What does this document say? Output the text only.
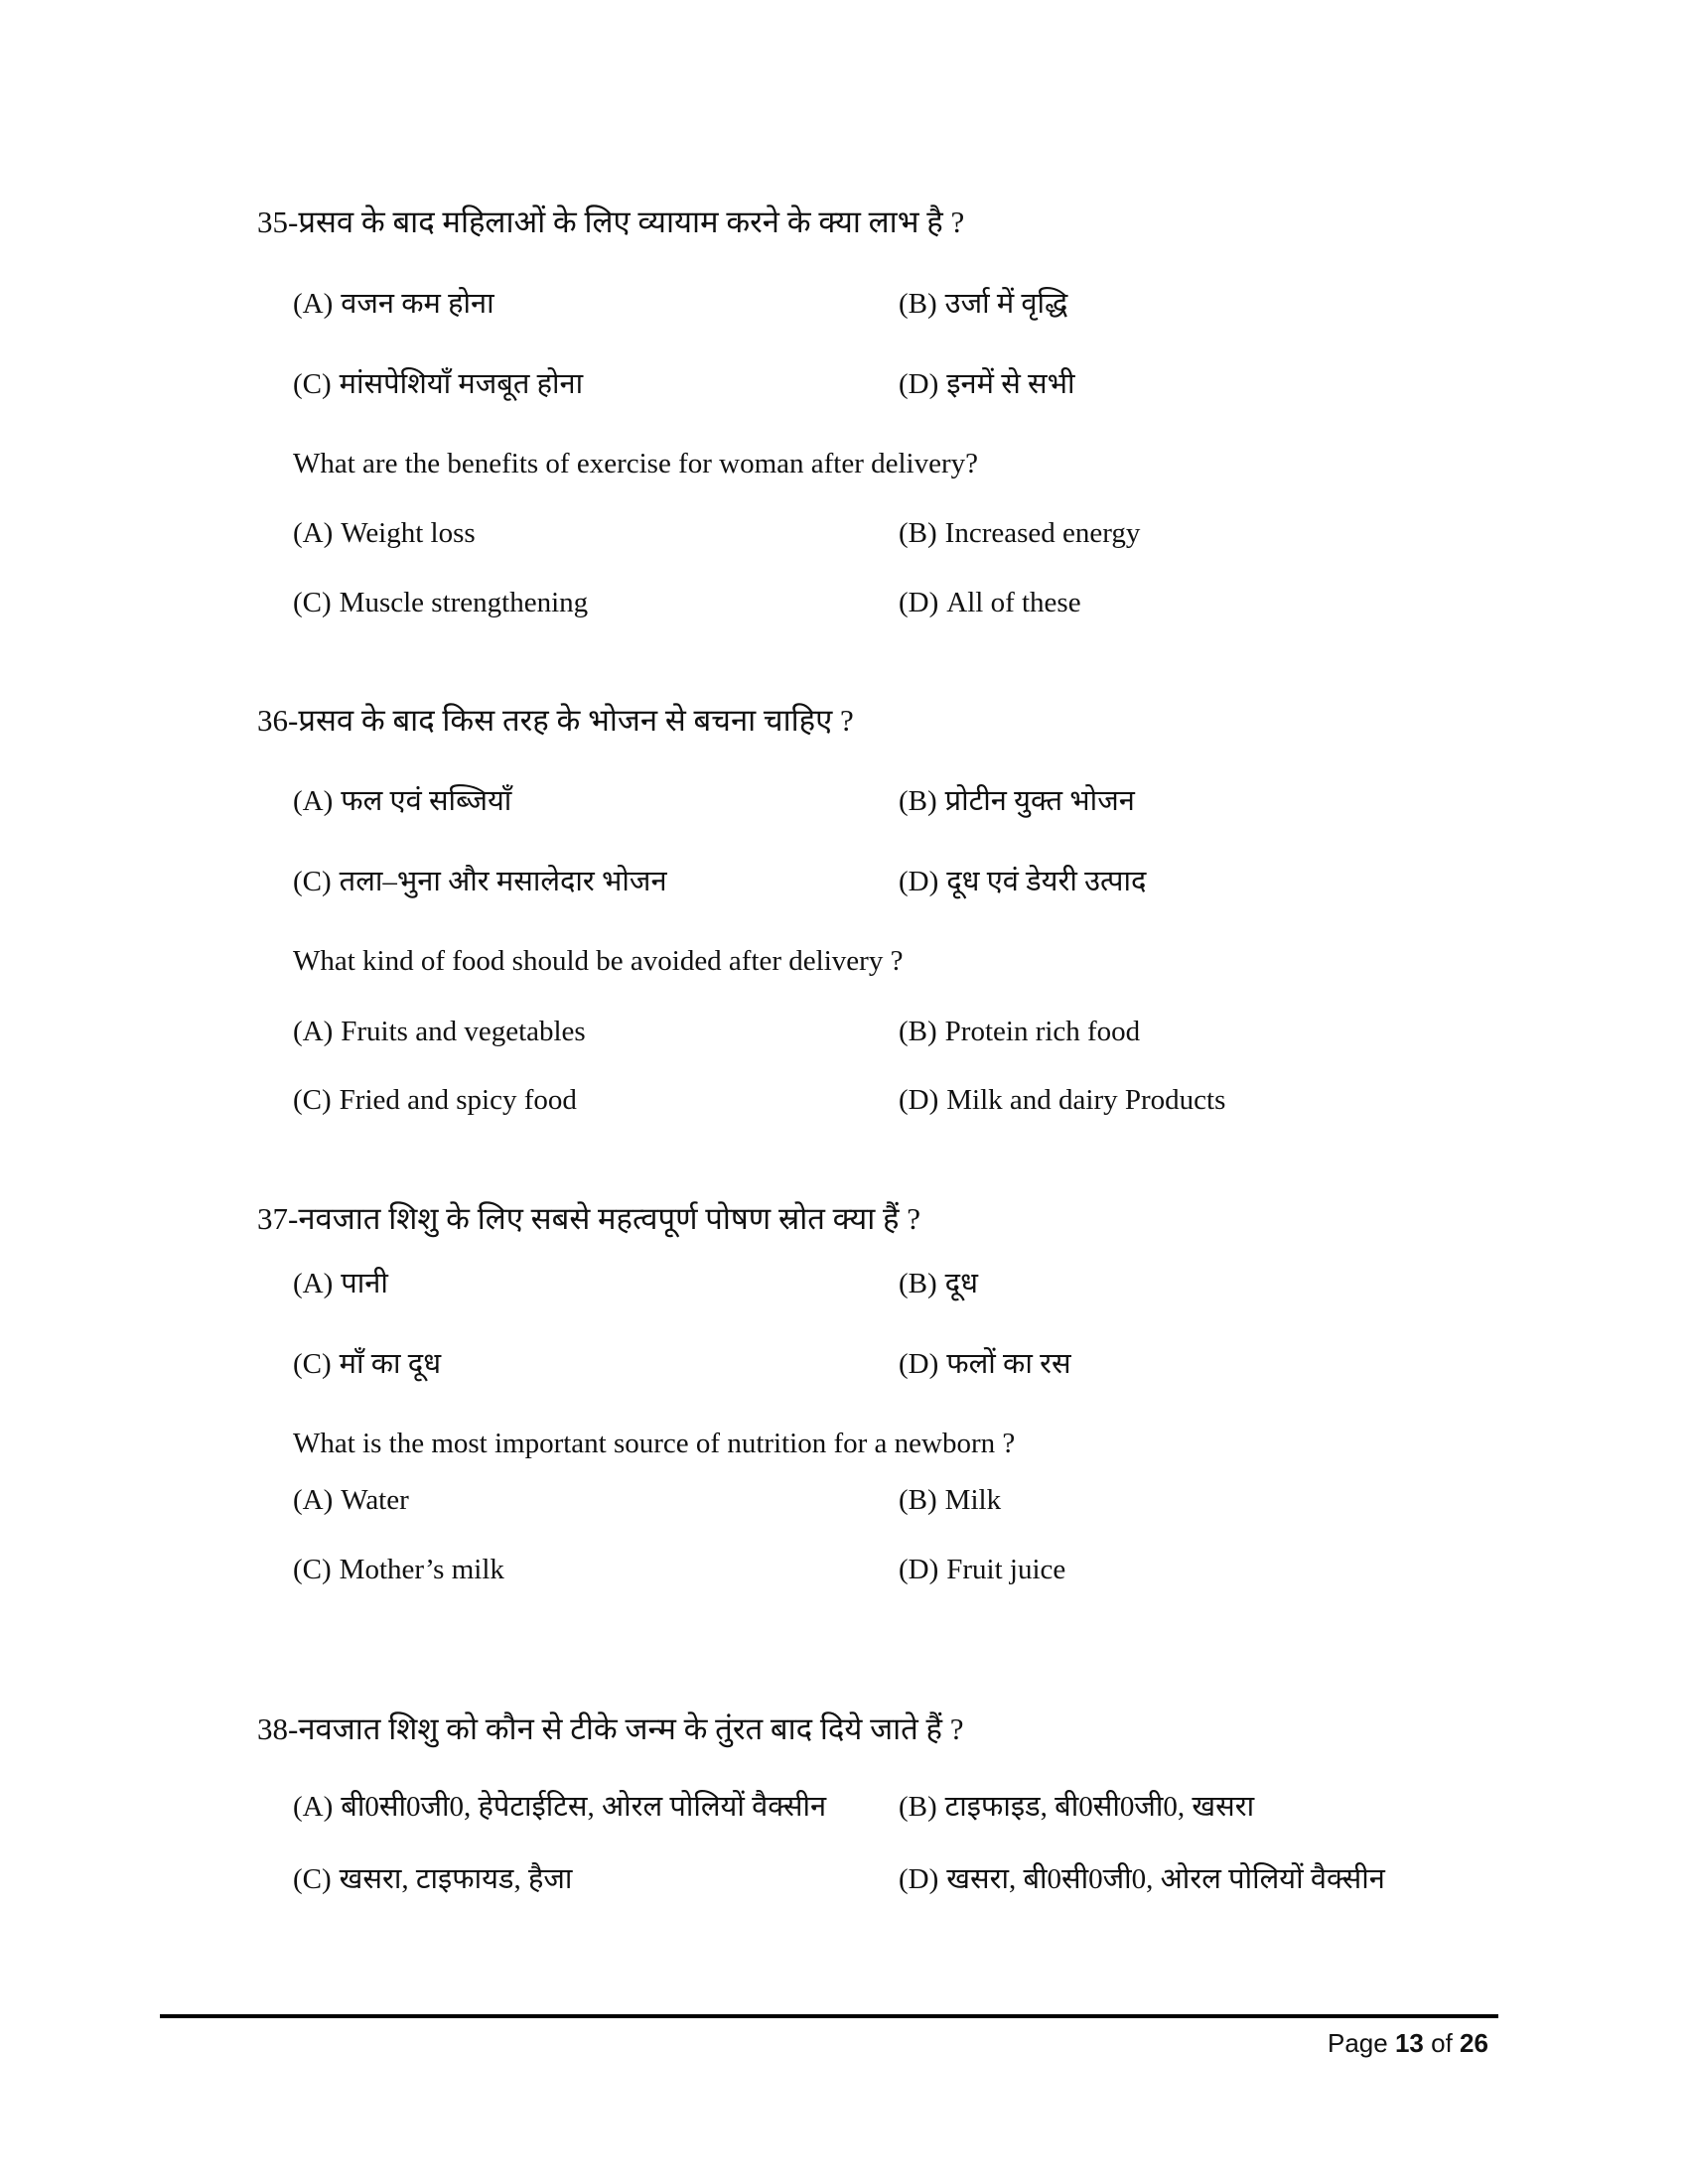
35-प्रसव के बाद महिलाओं के लिए व्यायाम करने के क्या लाभ है ?
(A) वजन कम होना	(B) उर्जा में वृद्धि
(C) मांसपेशियाँ मजबूत होना	(D) इनमें से सभी
What are the benefits of exercise for woman after delivery?
(A) Weight loss	(B) Increased energy
(C) Muscle strengthening	(D) All of these
36-प्रसव के बाद किस तरह के भोजन से बचना चाहिए ?
(A) फल एवं सब्जियाँ	(B) प्रोटीन युक्त भोजन
(C) तला–भुना और मसालेदार भोजन	(D) दूध एवं डेयरी उत्पाद
What kind of food should be avoided after delivery ?
(A) Fruits and vegetables	(B) Protein rich food
(C) Fried and spicy food	(D) Milk and dairy Products
37-नवजात शिशु के लिए सबसे महत्वपूर्ण पोषण स्रोत क्या हैं ?
(A) पानी	(B) दूध
(C) माँ का दूध	(D) फलों का रस
What is the most important source of nutrition for a newborn ?
(A) Water	(B) Milk
(C) Mother’s milk	(D) Fruit juice
38-नवजात शिशु को कौन से टीके जन्म के तुंरत बाद दिये जाते हैं ?
(A) बी0सी0जी0, हेपेटाईटिस, ओरल पोलियों वैक्सीन	(B) टाइफाइड, बी0सी0जी0, खसरा
(C) खसरा, टाइफायड, हैजा	(D) खसरा, बी0सी0जी0, ओरल पोलियों वैक्सीन
Page 13 of 26
